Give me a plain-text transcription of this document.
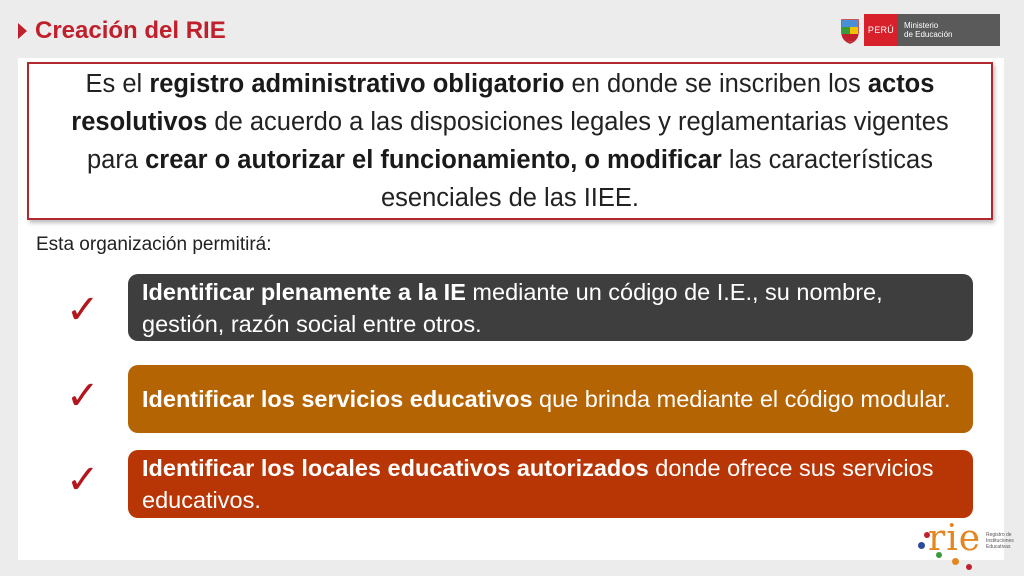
Creación del RIE	PERÚ	Ministerio
de Educación
Es el registro administrativo obligatorio en donde se inscriben los actos resolutivos de acuerdo a las disposiciones legales y reglamentarias vigentes para crear o autorizar el funcionamiento, o modificar las características esenciales de las IIEE.
Esta organización permitirá:
✓ Identificar plenamente a la IE mediante un código de I.E., su nombre, gestión, razón social entre otros.
✓ Identificar los servicios educativos que brinda mediante el código modular.
✓ Identificar los locales educativos autorizados donde ofrece sus servicios educativos.
rie Registro de Instituciones Educativas
